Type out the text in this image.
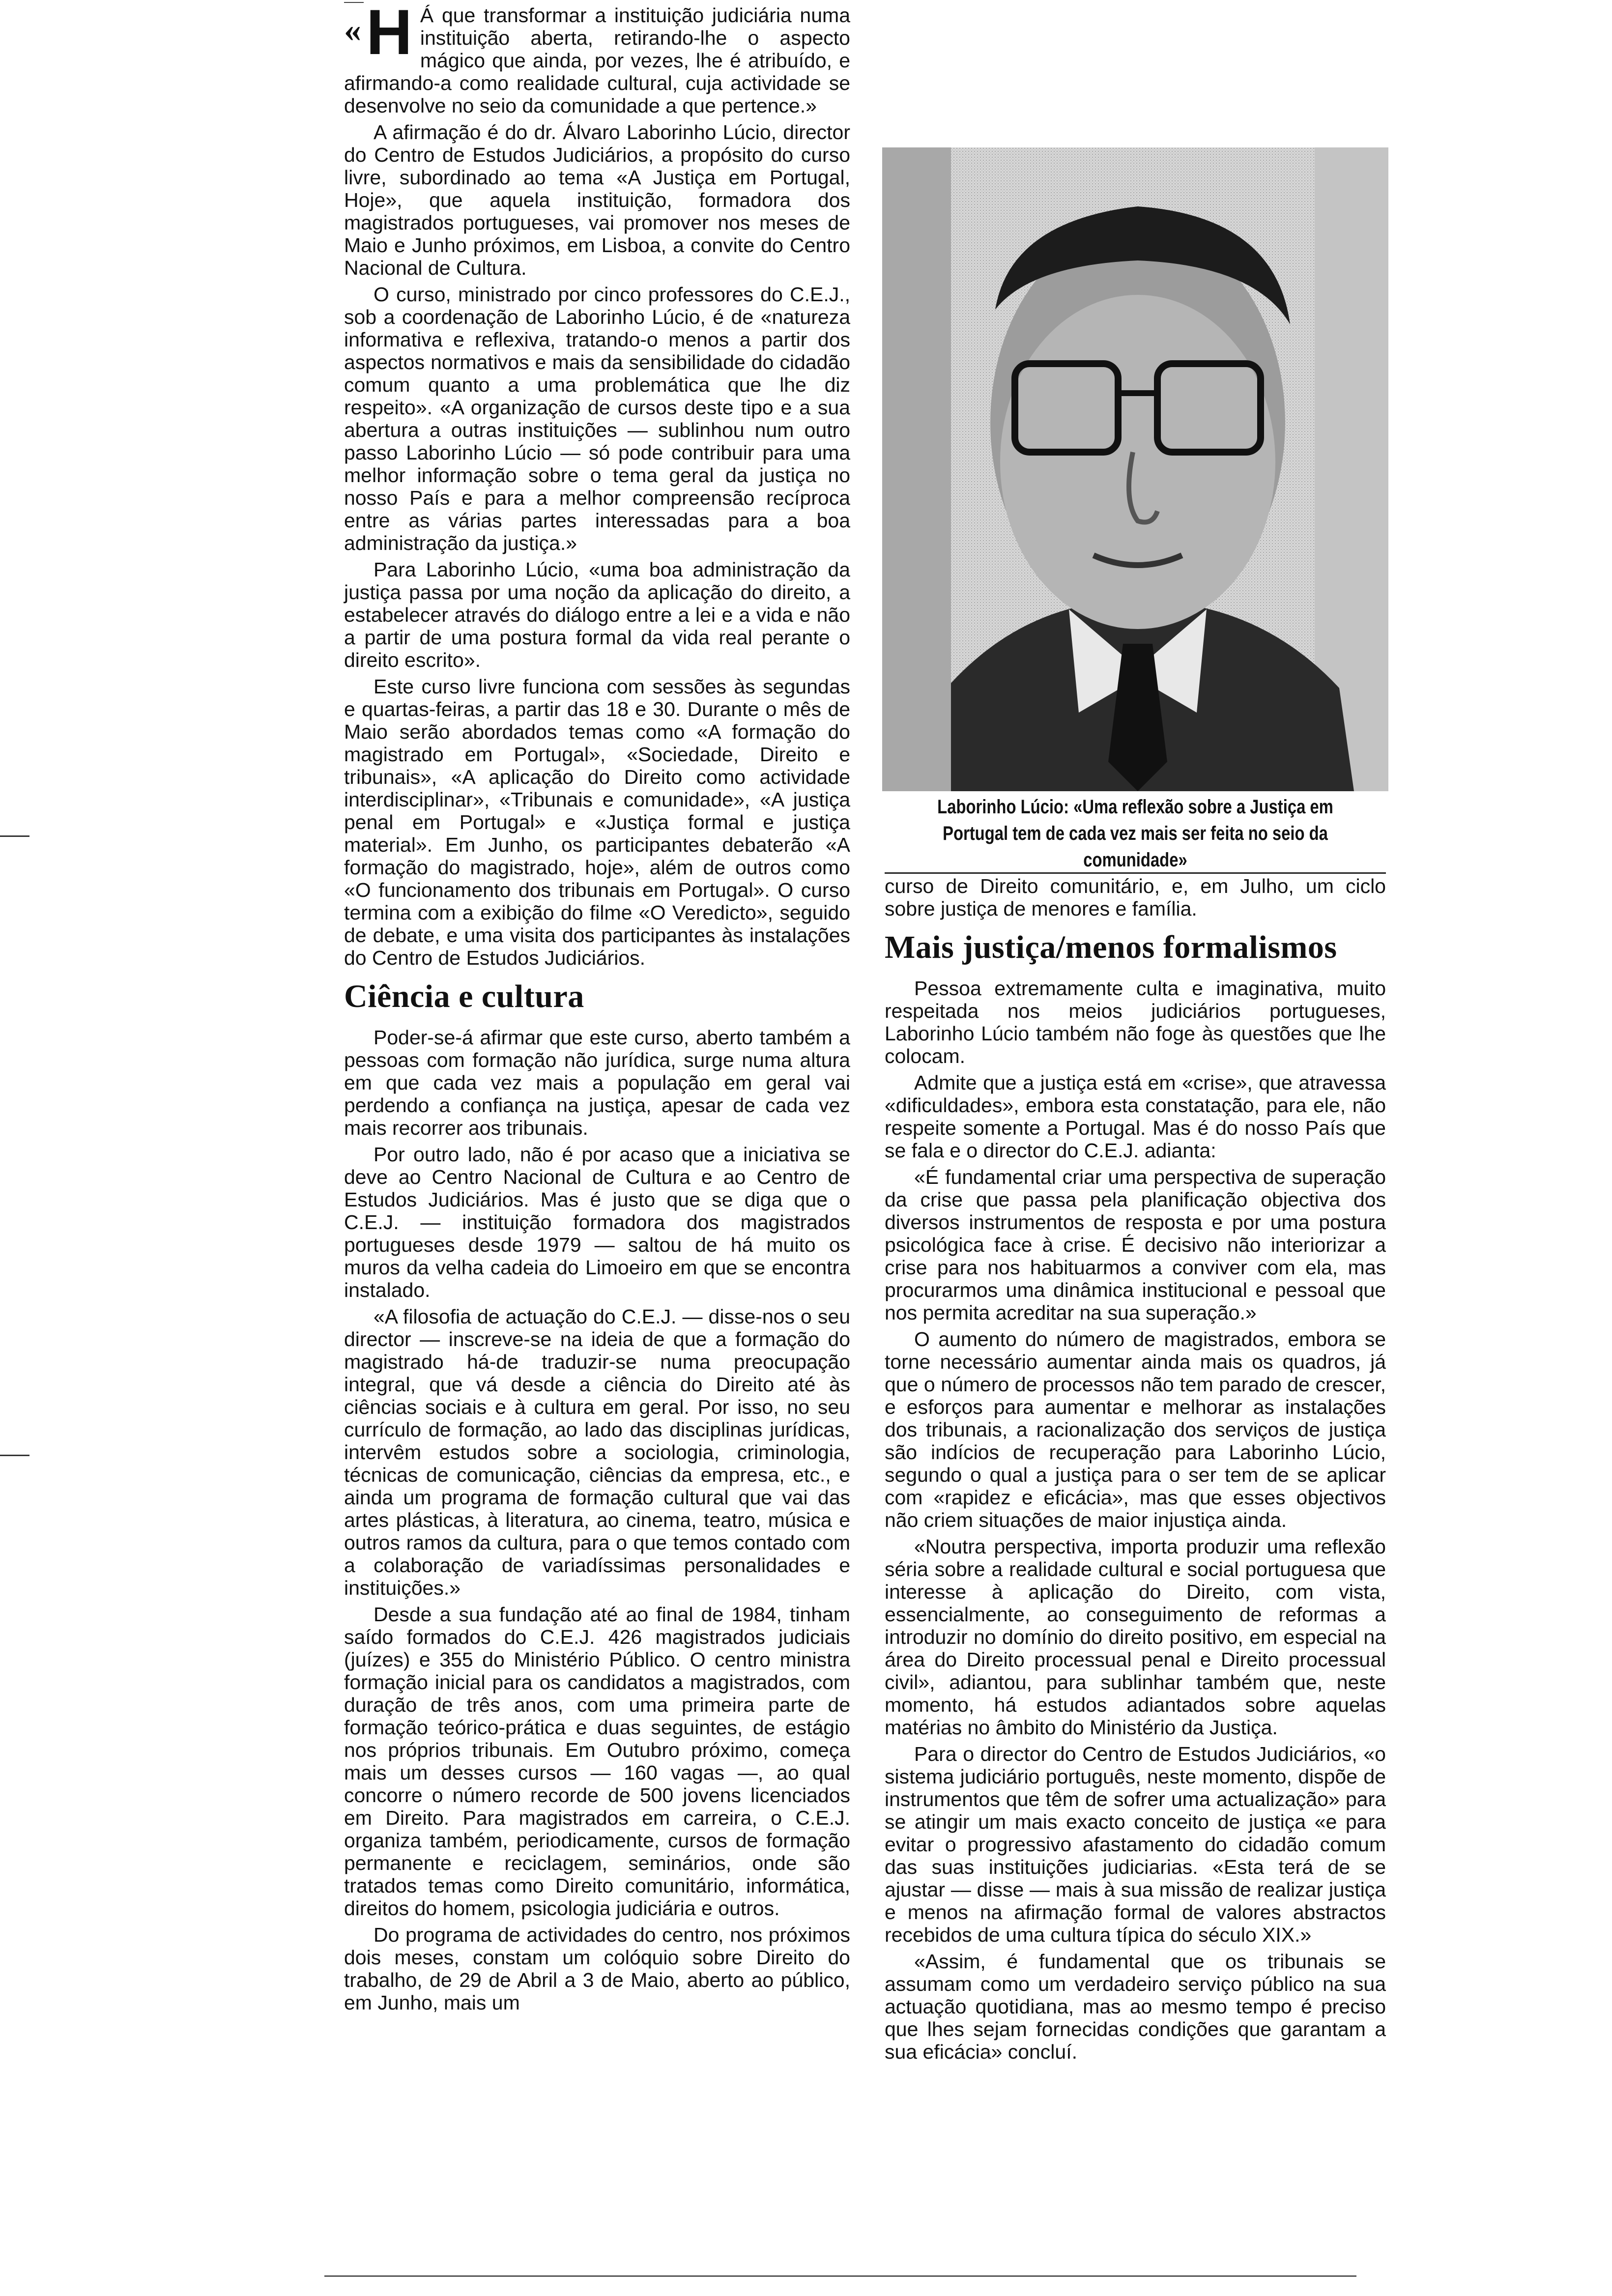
« H Á que transformar a instituição judiciária numa instituição aberta, retirando-lhe o aspecto mágico que ainda, por vezes, lhe é atribuído, e afirmando-a como realidade cultural, cuja actividade se desenvolve no seio da comunidade a que pertence.»

A afirmação é do dr. Álvaro Laborinho Lúcio, director do Centro de Estudos Judiciários, a propósito do curso livre, subordinado ao tema «A Justiça em Portugal, Hoje», que aquela instituição, formadora dos magistrados portugueses, vai promover nos meses de Maio e Junho próximos, em Lisboa, a convite do Centro Nacional de Cultura.

O curso, ministrado por cinco professores do C.E.J., sob a coordenação de Laborinho Lúcio, é de «natureza informativa e reflexiva, tratando-o menos a partir dos aspectos normativos e mais da sensibilidade do cidadão comum quanto a uma problemática que lhe diz respeito». «A organização de cursos deste tipo e a sua abertura a outras instituições — sublinhou num outro passo Laborinho Lúcio — só pode contribuir para uma melhor informação sobre o tema geral da justiça no nosso País e para a melhor compreensão recíproca entre as várias partes interessadas para a boa administração da justiça.»

Para Laborinho Lúcio, «uma boa administração da justiça passa por uma noção da aplicação do direito, a estabelecer através do diálogo entre a lei e a vida e não a partir de uma postura formal da vida real perante o direito escrito».

Este curso livre funciona com sessões às segundas e quartas-feiras, a partir das 18 e 30. Durante o mês de Maio serão abordados temas como «A formação do magistrado em Portugal», «Sociedade, Direito e tribunais», «A aplicação do Direito como actividade interdisciplinar», «Tribunais e comunidade», «A justiça penal em Portugal» e «Justiça formal e justiça material». Em Junho, os participantes debaterão «A formação do magistrado, hoje», além de outros como «O funcionamento dos tribunais em Portugal». O curso termina com a exibição do filme «O Veredicto», seguido de debate, e uma visita dos participantes às instalações do Centro de Estudos Judiciários.

Ciência e cultura

Poder-se-á afirmar que este curso, aberto também a pessoas com formação não jurídica, surge numa altura em que cada vez mais a população em geral vai perdendo a confiança na justiça, apesar de cada vez mais recorrer aos tribunais.

Por outro lado, não é por acaso que a iniciativa se deve ao Centro Nacional de Cultura e ao Centro de Estudos Judiciários. Mas é justo que se diga que o C.E.J. — instituição formadora dos magistrados portugueses desde 1979 — saltou de há muito os muros da velha cadeia do Limoeiro em que se encontra instalado.

«A filosofia de actuação do C.E.J. — disse-nos o seu director — inscreve-se na ideia de que a formação do magistrado há-de traduzir-se numa preocupação integral, que vá desde a ciência do Direito até às ciências sociais e à cultura em geral. Por isso, no seu currículo de formação, ao lado das disciplinas jurídicas, intervêm estudos sobre a sociologia, criminologia, técnicas de comunicação, ciências da empresa, etc., e ainda um programa de formação cultural que vai das artes plásticas, à literatura, ao cinema, teatro, música e outros ramos da cultura, para o que temos contado com a colaboração de variadíssimas personalidades e instituições.»

Desde a sua fundação até ao final de 1984, tinham saído formados do C.E.J. 426 magistrados judiciais (juízes) e 355 do Ministério Público. O centro ministra formação inicial para os candidatos a magistrados, com duração de três anos, com uma primeira parte de formação teórico-prática e duas seguintes, de estágio nos próprios tribunais. Em Outubro próximo, começa mais um desses cursos — 160 vagas —, ao qual concorre o número recorde de 500 jovens licenciados em Direito. Para magistrados em carreira, o C.E.J. organiza também, periodicamente, cursos de formação permanente e reciclagem, seminários, onde são tratados temas como Direito comunitário, informática, direitos do homem, psicologia judiciária e outros.

Do programa de actividades do centro, nos próximos dois meses, constam um colóquio sobre Direito do trabalho, de 29 de Abril a 3 de Maio, aberto ao público, em Junho, mais um

Laborinho Lúcio: «Uma reflexão sobre a Justiça em Portugal tem de cada vez mais ser feita no seio da comunidade»

curso de Direito comunitário, e, em Julho, um ciclo sobre justiça de menores e família.

Mais justiça/menos formalismos

Pessoa extremamente culta e imaginativa, muito respeitada nos meios judiciários portugueses, Laborinho Lúcio também não foge às questões que lhe colocam.

Admite que a justiça está em «crise», que atravessa «dificuldades», embora esta constatação, para ele, não respeite somente a Portugal. Mas é do nosso País que se fala e o director do C.E.J. adianta:

«É fundamental criar uma perspectiva de superação da crise que passa pela planificação objectiva dos diversos instrumentos de resposta e por uma postura psicológica face à crise. É decisivo não interiorizar a crise para nos habituarmos a conviver com ela, mas procurarmos uma dinâmica institucional e pessoal que nos permita acreditar na sua superação.»

O aumento do número de magistrados, embora se torne necessário aumentar ainda mais os quadros, já que o número de processos não tem parado de crescer, e esforços para aumentar e melhorar as instalações dos tribunais, a racionalização dos serviços de justiça são indícios de recuperação para Laborinho Lúcio, segundo o qual a justiça para o ser tem de se aplicar com «rapidez e eficácia», mas que esses objectivos não criem situações de maior injustiça ainda.

«Noutra perspectiva, importa produzir uma reflexão séria sobre a realidade cultural e social portuguesa que interesse à aplicação do Direito, com vista, essencialmente, ao conseguimento de reformas a introduzir no domínio do direito positivo, em especial na área do Direito processual penal e Direito processual civil», adiantou, para sublinhar também que, neste momento, há estudos adiantados sobre aquelas matérias no âmbito do Ministério da Justiça.

Para o director do Centro de Estudos Judiciários, «o sistema judiciário português, neste momento, dispõe de instrumentos que têm de sofrer uma actualização» para se atingir um mais exacto conceito de justiça «e para evitar o progressivo afastamento do cidadão comum das suas instituições judiciarias. «Esta terá de se ajustar — disse — mais à sua missão de realizar justiça e menos na afirmação formal de valores abstractos recebidos de uma cultura típica do século XIX.»

«Assim, é fundamental que os tribunais se assumam como um verdadeiro serviço público na sua actuação quotidiana, mas ao mesmo tempo é preciso que lhes sejam fornecidas condições que garantam a sua eficácia» concluí.
